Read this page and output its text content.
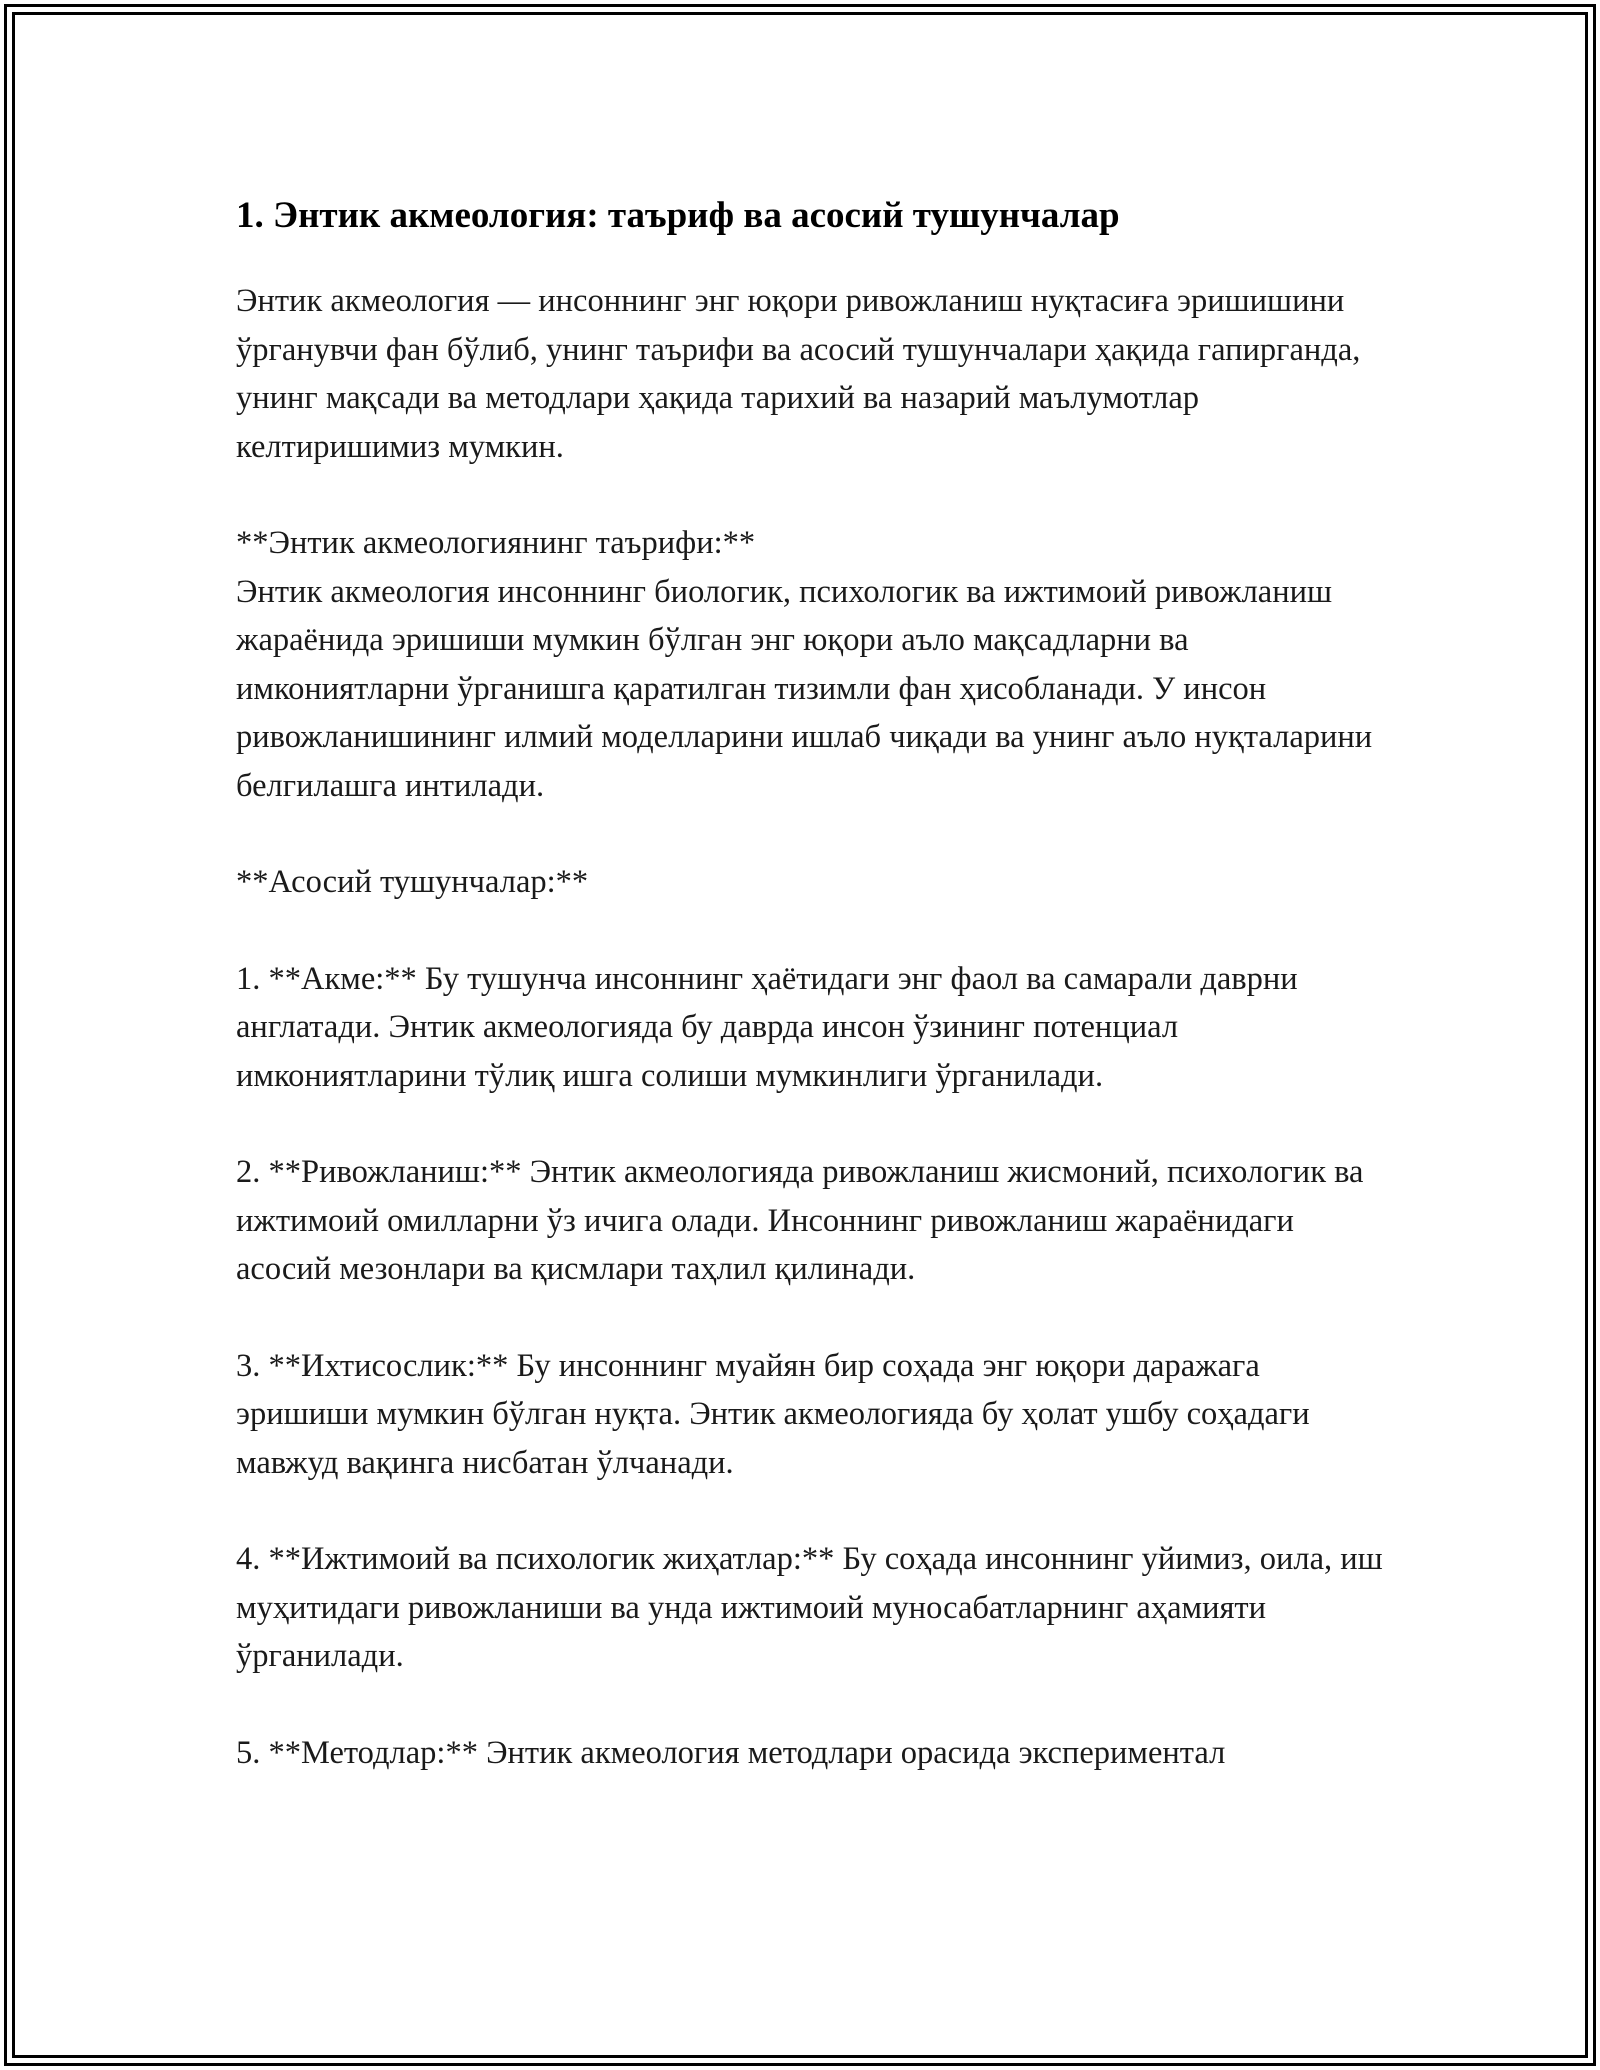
1. Энтик акмеология: таъриф ва асосий тушунчалар

Энтик акмеология — инсоннинг энг юқори ривожланиш нуқтасиға эришишини ўрганувчи фан бўлиб, унинг таърифи ва асосий тушунчалари ҳақида гапирганда, унинг мақсади ва методлари ҳақида тарихий ва назарий маълумотлар келтиришимиз мумкин.

**Энтик акмеологиянинг таърифи:**

Энтик акмеология инсоннинг биологик, психологик ва ижтимоий ривожланиш жараёнида эришиши мумкин бўлган энг юқори аъло мақсадларни ва имкониятларни ўрганишга қаратилган тизимли фан ҳисобланади. У инсон ривожланишининг илмий моделларини ишлаб чиқади ва унинг аъло нуқталарини белгилашга интилади.

**Асосий тушунчалар:**

1. **Акме:** Бу тушунча инсоннинг ҳаётидаги энг фаол ва самарали даврни англатади. Энтик акмеологияда бу даврда инсон ўзининг потенциал имкониятларини тўлиқ ишга солиши мумкинлиги ўрганилади.

2. **Ривожланиш:** Энтик акмеологияда ривожланиш жисмоний, психологик ва ижтимоий омилларни ўз ичига олади. Инсоннинг ривожланиш жараёнидаги асосий мезонлари ва қисмлари таҳлил қилинади.

3. **Ихтисослик:** Бу инсоннинг муайян бир соҳада энг юқори даражага эришиши мумкин бўлган нуқта. Энтик акмеологияда бу ҳолат ушбу соҳадаги мавжуд вақинга нисбатан ўлчанади.

4. **Ижтимоий ва психологик жиҳатлар:** Бу соҳада инсоннинг уйимиз, оила, иш муҳитидаги ривожланиши ва унда ижтимоий муносабатларнинг аҳамияти ўрганилади.

5. **Методлар:** Энтик акмеология методлари орасида экспериментал
